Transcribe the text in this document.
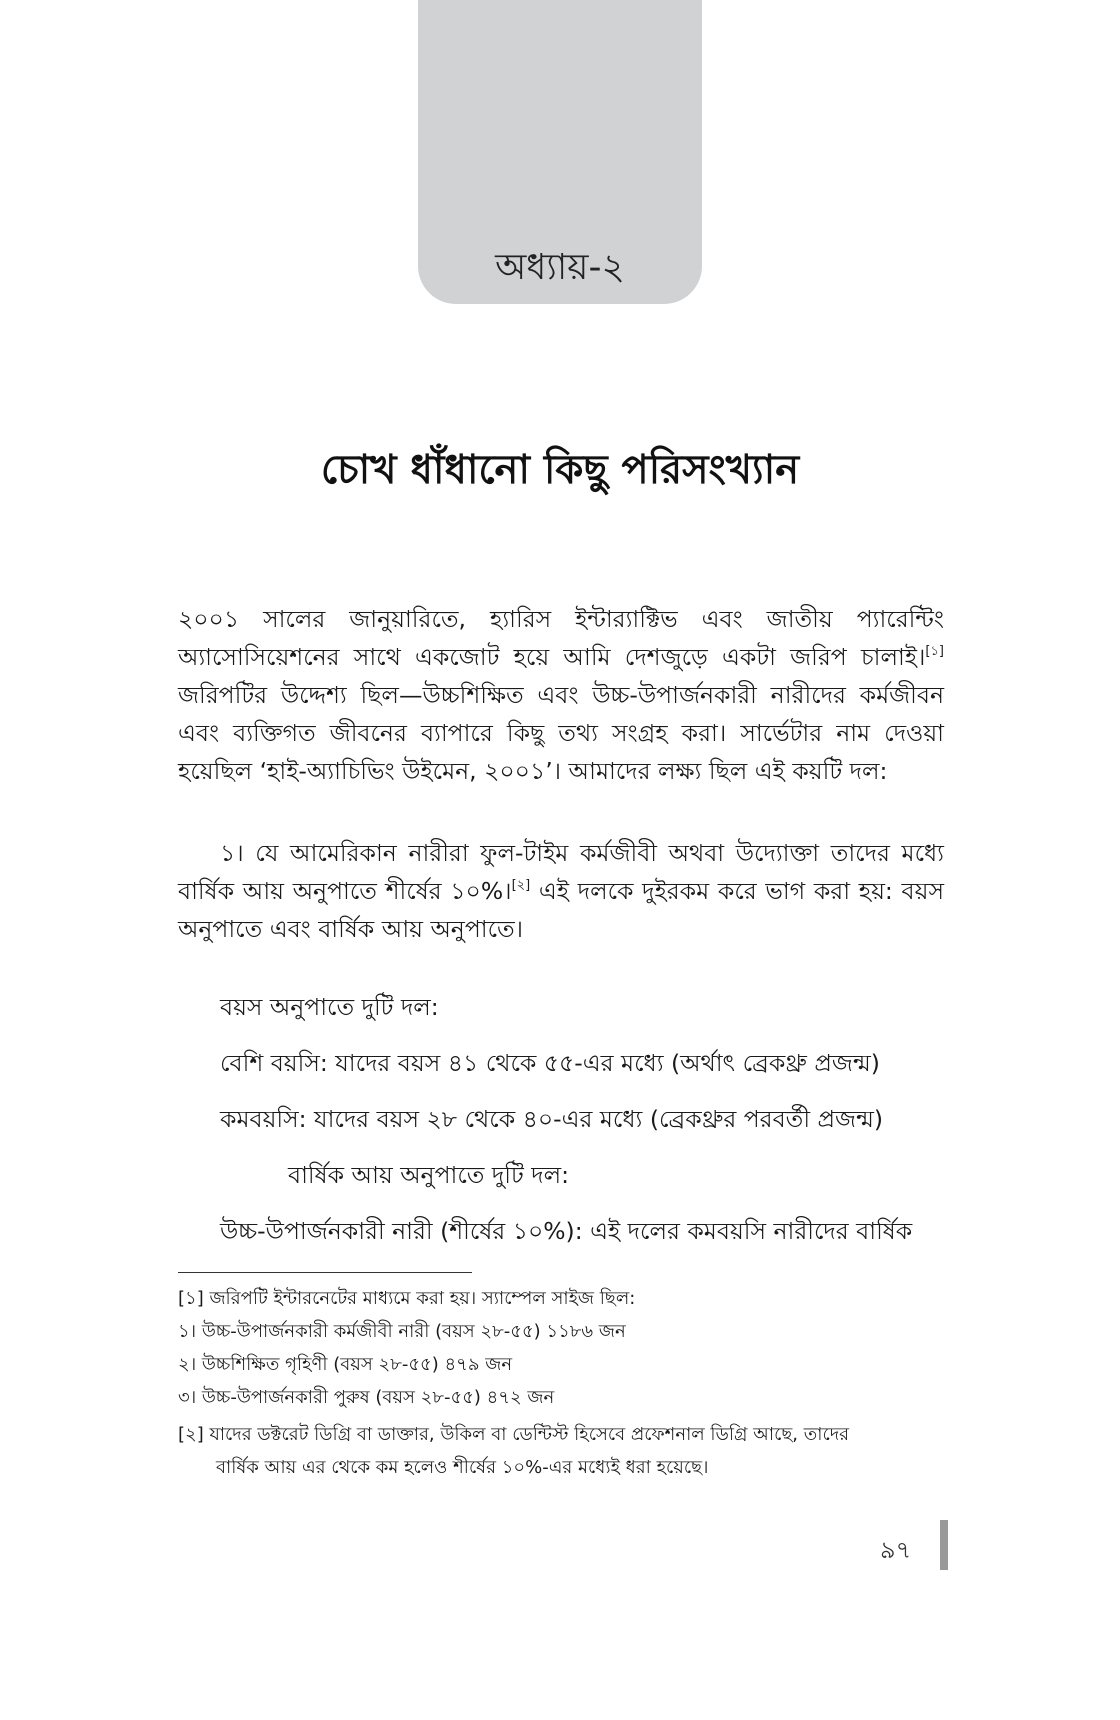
অধ্যায়-২
চোখ ধাঁধানো কিছু পরিসংখ্যান

২০০১ সালের জানুয়ারিতে, হ্যারিস ইন্টার‍্যাক্টিভ এবং জাতীয় প্যারেন্টিং অ্যাসোসিয়েশনের সাথে একজোট হয়ে আমি দেশজুড়ে একটা জরিপ চালাই।[১] জরিপটির উদ্দেশ্য ছিল—উচ্চশিক্ষিত এবং উচ্চ-উপার্জনকারী নারীদের কর্মজীবন এবং ব্যক্তিগত জীবনের ব্যাপারে কিছু তথ্য সংগ্রহ করা। সার্ভেটার নাম দেওয়া হয়েছিল ‘হাই-অ্যাচিভিং উইমেন, ২০০১’। আমাদের লক্ষ্য ছিল এই কয়টি দল:

১। যে আমেরিকান নারীরা ফুল-টাইম কর্মজীবী অথবা উদ্যোক্তা তাদের মধ্যে বার্ষিক আয় অনুপাতে শীর্ষের ১০%।[২] এই দলকে দুইরকম করে ভাগ করা হয়: বয়স অনুপাতে এবং বার্ষিক আয় অনুপাতে।

বয়স অনুপাতে দুটি দল:

বেশি বয়সি: যাদের বয়স ৪১ থেকে ৫৫-এর মধ্যে (অর্থাৎ ব্রেকথ্রু প্রজন্ম)

কমবয়সি: যাদের বয়স ২৮ থেকে ৪০-এর মধ্যে (ব্রেকথ্রুর পরবর্তী প্রজন্ম)

বার্ষিক আয় অনুপাতে দুটি দল:

উচ্চ-উপার্জনকারী নারী (শীর্ষের ১০%): এই দলের কমবয়সি নারীদের বার্ষিক

[১] জরিপটি ইন্টারনেটের মাধ্যমে করা হয়। স্যাম্পেল সাইজ ছিল:

১। উচ্চ-উপার্জনকারী কর্মজীবী নারী (বয়স ২৮-৫৫) ১১৮৬ জন

২। উচ্চশিক্ষিত গৃহিণী (বয়স ২৮-৫৫) ৪৭৯ জন

৩। উচ্চ-উপার্জনকারী পুরুষ (বয়স ২৮-৫৫) ৪৭২ জন

[২] যাদের ডক্টরেট ডিগ্রি বা ডাক্তার, উকিল বা ডেন্টিস্ট হিসেবে প্রফেশনাল ডিগ্রি আছে, তাদের

বার্ষিক আয় এর থেকে কম হলেও শীর্ষের ১০%-এর মধ্যেই ধরা হয়েছে।

৯৭
